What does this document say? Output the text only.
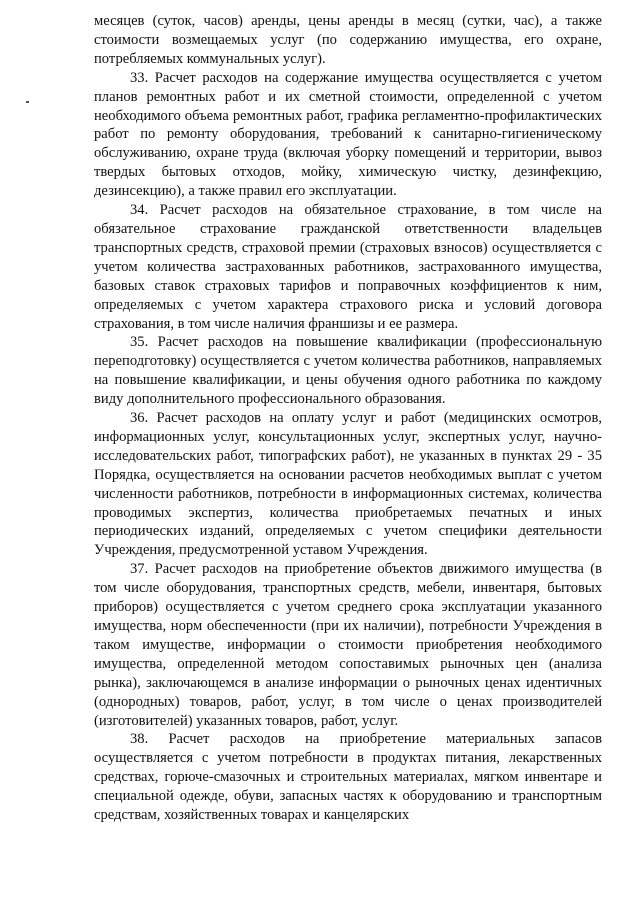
месяцев (суток, часов) аренды, цены аренды в месяц (сутки, час), а также стоимости возмещаемых услуг (по содержанию имущества, его охране, потребляемых коммунальных услуг).

33. Расчет расходов на содержание имущества осуществляется с учетом планов ремонтных работ и их сметной стоимости, определенной с учетом необходимого объема ремонтных работ, графика регламентно-профилактических работ по ремонту оборудования, требований к санитарно-гигиеническому обслуживанию, охране труда (включая уборку помещений и территории, вывоз твердых бытовых отходов, мойку, химическую чистку, дезинфекцию, дезинсекцию), а также правил его эксплуатации.

34. Расчет расходов на обязательное страхование, в том числе на обязательное страхование гражданской ответственности владельцев транспортных средств, страховой премии (страховых взносов) осуществляется с учетом количества застрахованных работников, застрахованного имущества, базовых ставок страховых тарифов и поправочных коэффициентов к ним, определяемых с учетом характера страхового риска и условий договора страхования, в том числе наличия франшизы и ее размера.

35. Расчет расходов на повышение квалификации (профессиональную переподготовку) осуществляется с учетом количества работников, направляемых на повышение квалификации, и цены обучения одного работника по каждому виду дополнительного профессионального образования.

36. Расчет расходов на оплату услуг и работ (медицинских осмотров, информационных услуг, консультационных услуг, экспертных услуг, научно-исследовательских работ, типографских работ), не указанных в пунктах 29 - 35 Порядка, осуществляется на основании расчетов необходимых выплат с учетом численности работников, потребности в информационных системах, количества проводимых экспертиз, количества приобретаемых печатных и иных периодических изданий, определяемых с учетом специфики деятельности Учреждения, предусмотренной уставом Учреждения.

37. Расчет расходов на приобретение объектов движимого имущества (в том числе оборудования, транспортных средств, мебели, инвентаря, бытовых приборов) осуществляется с учетом среднего срока эксплуатации указанного имущества, норм обеспеченности (при их наличии), потребности Учреждения в таком имуществе, информации о стоимости приобретения необходимого имущества, определенной методом сопоставимых рыночных цен (анализа рынка), заключающемся в анализе информации о рыночных ценах идентичных (однородных) товаров, работ, услуг, в том числе о ценах производителей (изготовителей) указанных товаров, работ, услуг.

38. Расчет расходов на приобретение материальных запасов осуществляется с учетом потребности в продуктах питания, лекарственных средствах, горюче-смазочных и строительных материалах, мягком инвентаре и специальной одежде, обуви, запасных частях к оборудованию и транспортным средствам, хозяйственных товарах и канцелярских
